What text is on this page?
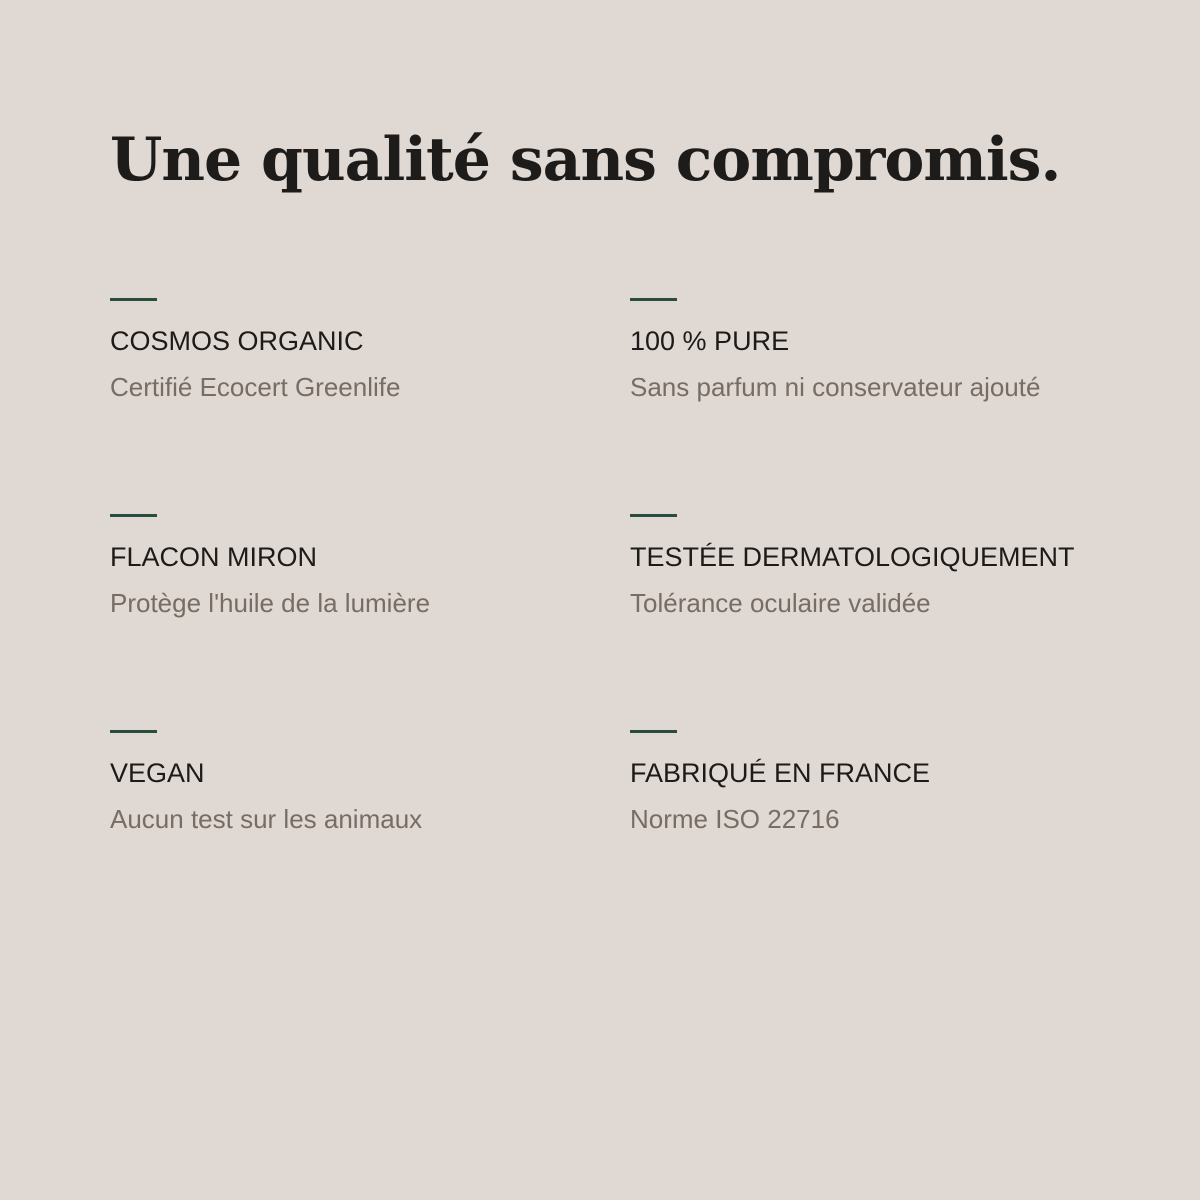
Une qualité sans compromis.
COSMOS ORGANIC
Certifié Ecocert Greenlife
100 % PURE
Sans parfum ni conservateur ajouté
FLACON MIRON
Protège l'huile de la lumière
TESTÉE DERMATOLOGIQUEMENT
Tolérance oculaire validée
VEGAN
Aucun test sur les animaux
FABRIQUÉ EN FRANCE
Norme ISO 22716
